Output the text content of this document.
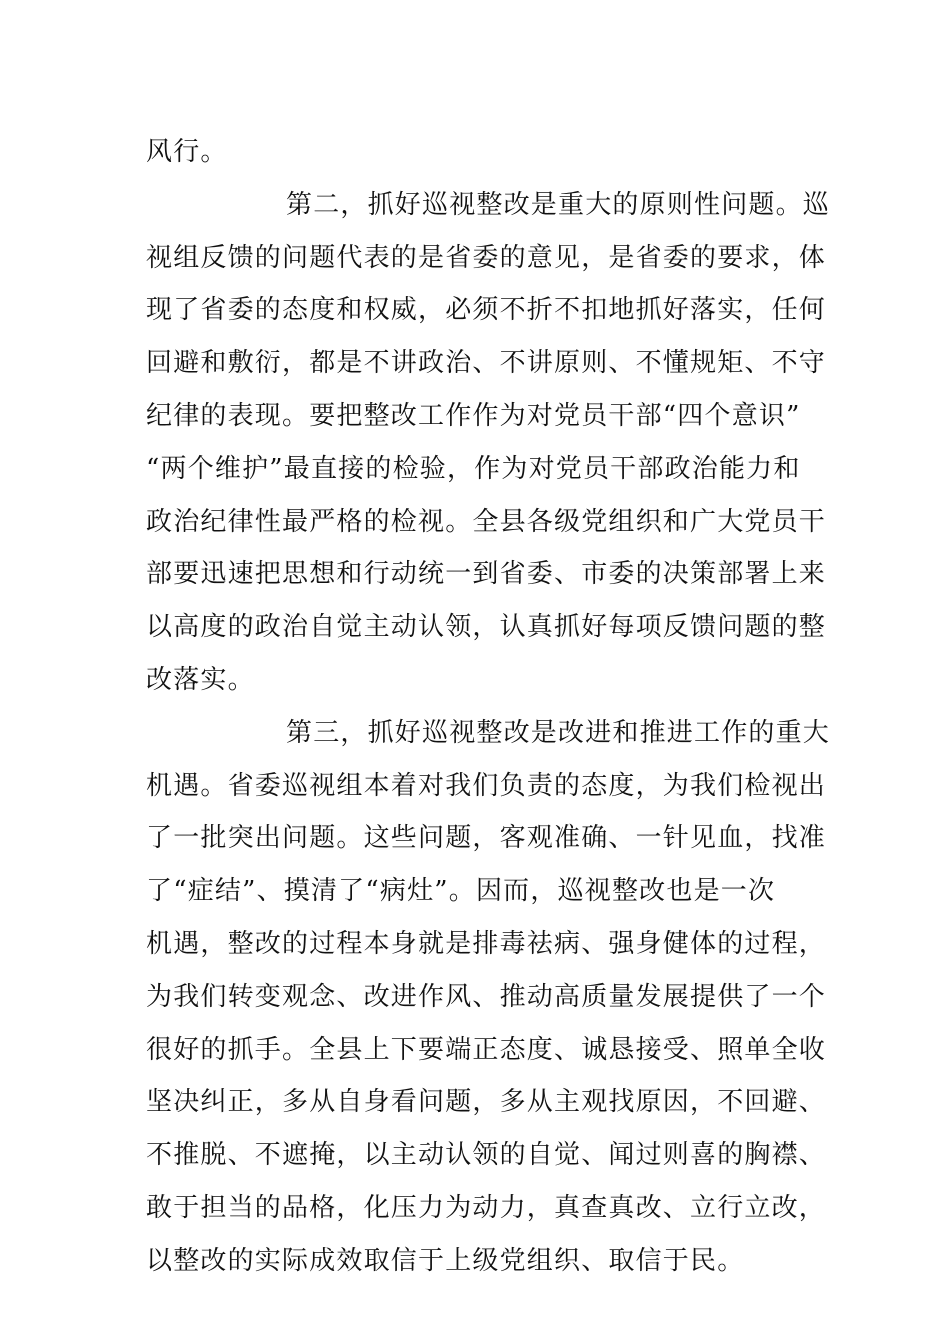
风行。
第二，抓好巡视整改是重大的原则性问题。巡
视组反馈的问题代表的是省委的意见，是省委的要求，体
现了省委的态度和权威，必须不折不扣地抓好落实，任何
回避和敷衍，都是不讲政治、不讲原则、不懂规矩、不守
纪律的表现。要把整改工作作为对党员干部“四个意识”
“两个维护”最直接的检验，作为对党员干部政治能力和
政治纪律性最严格的检视。全县各级党组织和广大党员干
部要迅速把思想和行动统一到省委、市委的决策部署上来
以高度的政治自觉主动认领，认真抓好每项反馈问题的整
改落实。
第三，抓好巡视整改是改进和推进工作的重大
机遇。省委巡视组本着对我们负责的态度，为我们检视出
了一批突出问题。这些问题，客观准确、一针见血，找准
了“症结”、摸清了“病灶”。因而，巡视整改也是一次
机遇，整改的过程本身就是排毒祛病、强身健体的过程，
为我们转变观念、改进作风、推动高质量发展提供了一个
很好的抓手。全县上下要端正态度、诚恳接受、照单全收
坚决纠正，多从自身看问题，多从主观找原因，不回避、
不推脱、不遮掩，以主动认领的自觉、闻过则喜的胸襟、
敢于担当的品格，化压力为动力，真查真改、立行立改，
以整改的实际成效取信于上级党组织、取信于民。
